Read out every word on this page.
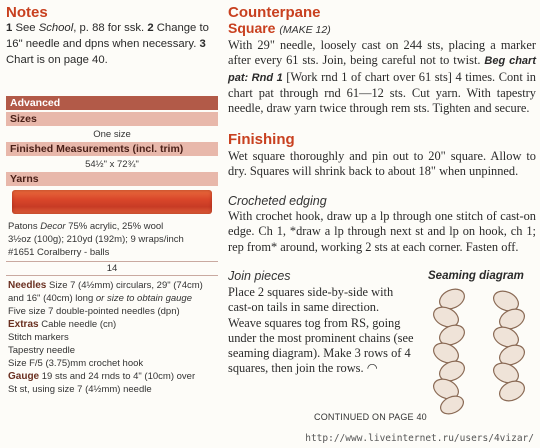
Notes
1 See School, p. 88 for ssk. 2 Change to 16" needle and dpns when necessary. 3 Chart is on page 40.
Advanced
Sizes
One size
Finished Measurements (incl. trim)
54½" x 72¾"
Yarns
Patons Decor 75% acrylic, 25% wool
3½oz (100g); 210yd (192m); 9 wraps/inch
#1651 Coralberry - balls
14
Needles Size 7 (4½mm) circulars, 29" (74cm)
and 16" (40cm) long or size to obtain gauge
Five size 7 double-pointed needles (dpn)
Extras Cable needle (cn)
Stitch markers
Tapestry needle
Size F/5 (3.75)mm crochet hook
Gauge 19 sts and 24 rnds to 4" (10cm) over
St st, using size 7 (4½mm) needle
Counterpane
Square (MAKE 12)
With 29" needle, loosely cast on 244 sts, placing a marker after every 61 sts. Join, being careful not to twist. Beg chart pat: Rnd 1 [Work rnd 1 of chart over 61 sts] 4 times. Cont in chart pat through rnd 61—12 sts. Cut yarn. With tapestry needle, draw yarn twice through rem sts. Tighten and secure.
Finishing
Wet square thoroughly and pin out to 20" square. Allow to dry. Squares will shrink back to about 18" when unpinned.
Crocheted edging
With crochet hook, draw up a lp through one stitch of cast-on edge. Ch 1, *draw a lp through next st and lp on hook, ch 1; rep from* around, working 2 sts at each corner. Fasten off.
Join pieces
Place 2 squares side-by-side with cast-on tails in same direction. Weave squares tog from RS, going under the most prominent chains (see seaming diagram). Make 3 rows of 4 squares, then join the rows. ◠
Seaming diagram
CONTINUED ON PAGE 40
http://www.liveinternet.ru/users/4vizar/
